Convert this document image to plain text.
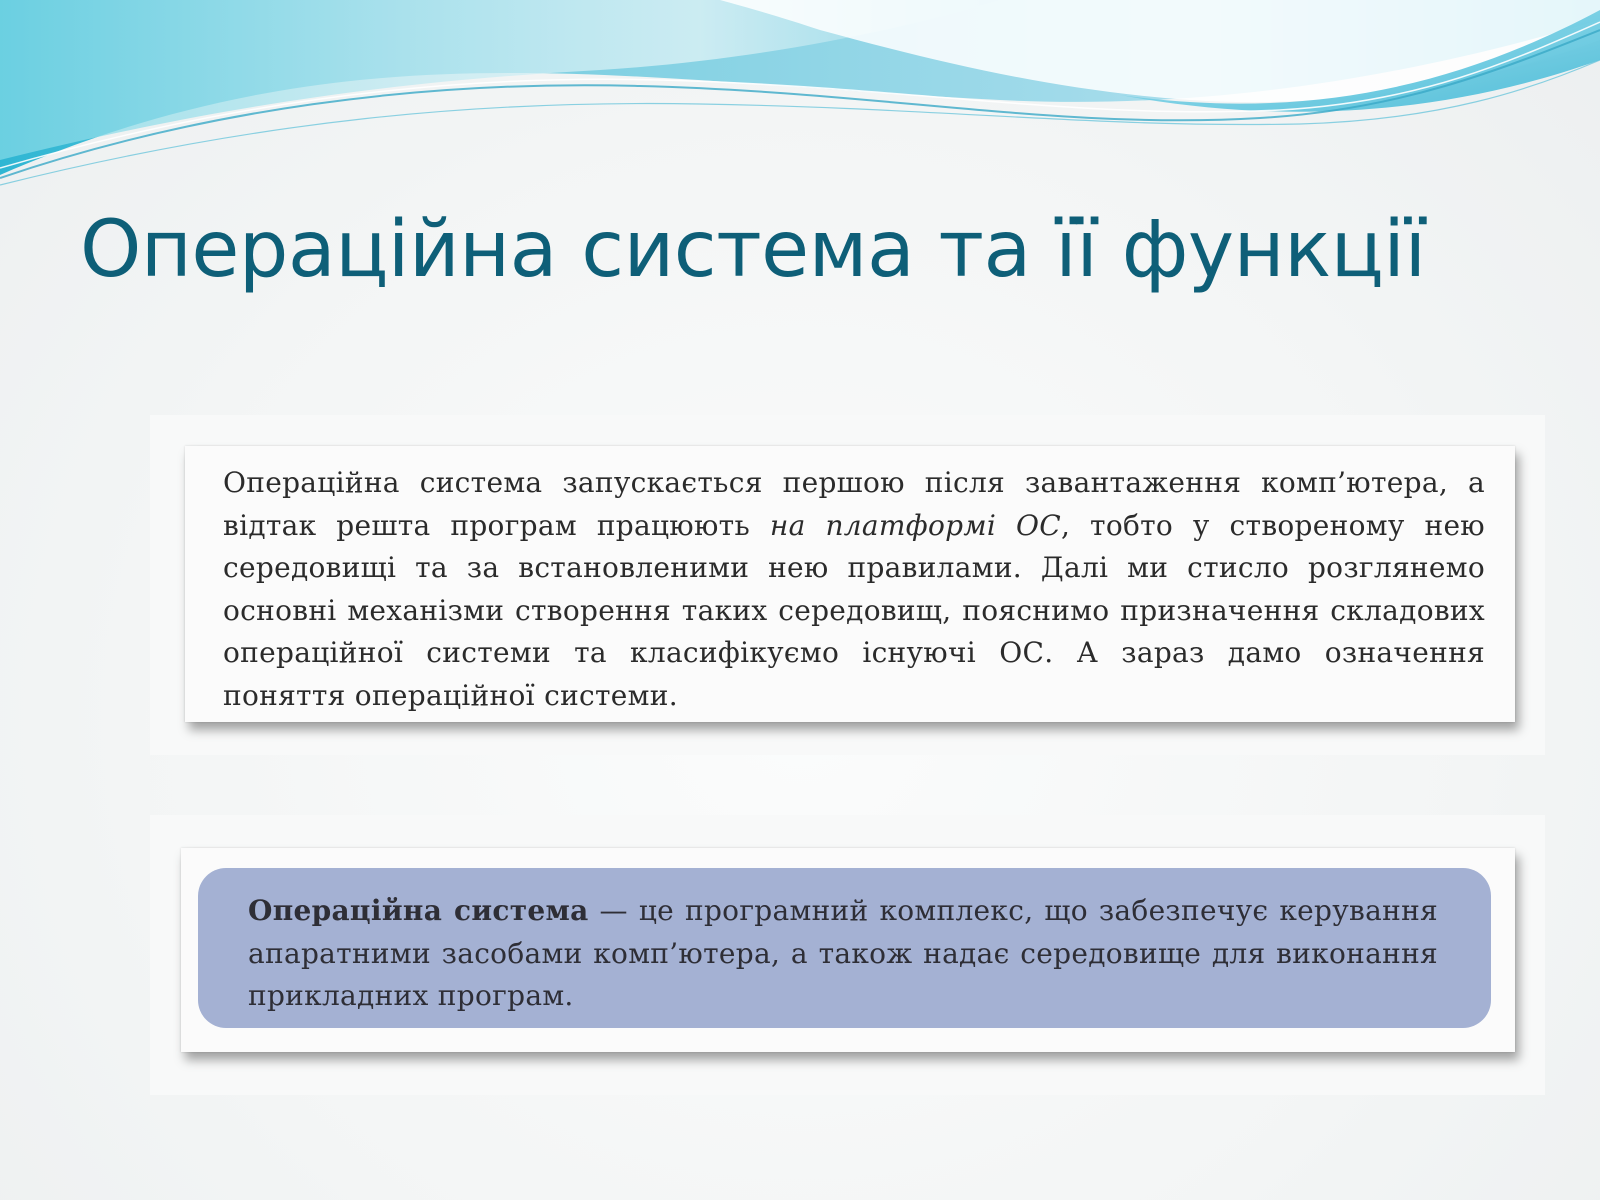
Операційна система та її функції

Операційна система запускається першою після завантаження комп’ютера, а відтак решта програм працюють на платформі ОС, тобто у створеному нею середовищі та за встановленими нею правилами. Далі ми стисло розглянемо основні механізми створення таких середовищ, пояснимо призначення складових операційної системи та класифікуємо існуючі ОС. А зараз дамо означення поняття операційної системи.

Операційна система — це програмний комплекс, що забезпечує керування апаратними засобами комп’ютера, а також надає середовище для виконання прикладних програм.
